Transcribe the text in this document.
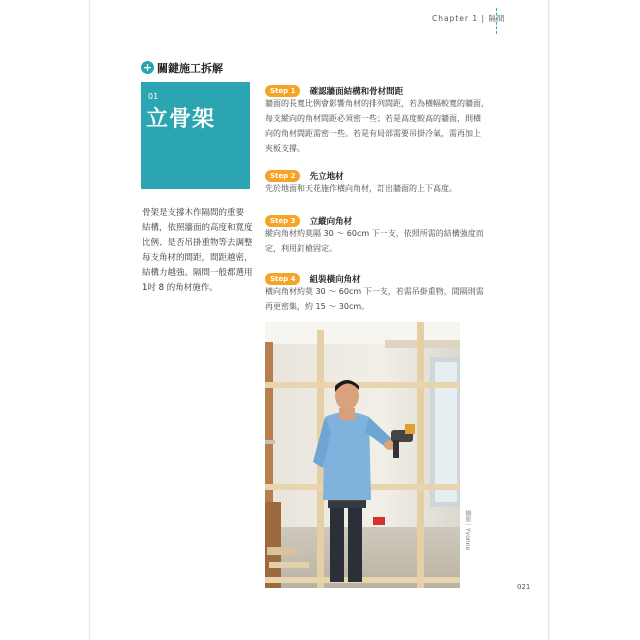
Chapter 1 | 隔間
+ 關鍵施工拆解
01
立骨架
骨架是支撐木作隔間的重要
結構，依照牆面的高度和寬度
比例、是否吊掛重物等去調整
每支角材的間距，間距越密，
結構力越強。隔間一般都選用
1吋 8 的角材施作。
Step 1 確認牆面結構和骨材間距
牆面的長寬比例會影響角材的排列間距，若為橫幅較寬的牆面，
每支縱向的角材間距必須密一些；若是高度較高的牆面，則橫
向的角材間距需密一些。若是有局部需要吊掛冷氣，需再加上
夾板支撐。
Step 2 先立地材
先於地面和天花施作橫向角材，訂出牆面的上下高度。
Step 3 立縱向角材
縱向角材約莫隔 30 ～ 60cm 下一支，依照所需的結構強度而
定，利用釘槍固定。
Step 4 組裝橫向角材
橫向角材約莫 30 ～ 60cm 下一支，若需吊掛重物，間隔則需
再更密集，約 15 ～ 30cm。
攝影｜Yvonne
021
